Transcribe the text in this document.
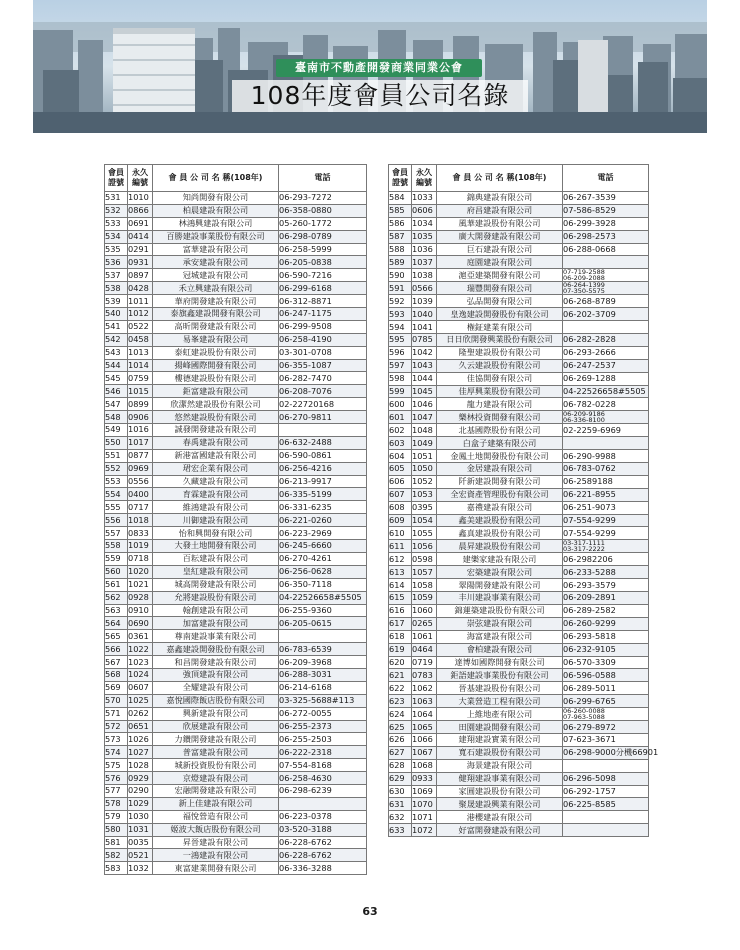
臺南市不動產開發商業同業公會
108年度會員公司名錄
會員
證號	永久
編號	會 員 公 司 名 稱(108年)	電話
531	1010	知尚開發有限公司	06-293-7272
532	0866	柏晨建設有限公司	06-358-0880
533	0691	林鴻興建設有限公司	05-260-1772
534	0414	百勝建設事業股份有限公司	06-298-0789
535	0291	富華建設有限公司	06-258-5999
536	0931	承安建設有限公司	06-205-0838
537	0897	冠城建設有限公司	06-590-7216
538	0428	禾立興建設有限公司	06-299-6168
539	1011	華府開發建設有限公司	06-312-8871
540	1012	泰旗鑫建設開發有限公司	06-247-1175
541	0522	高昕開發建設有限公司	06-299-9508
542	0458	易峯建設有限公司	06-258-4190
543	1013	泰虹建設股份有限公司	03-301-0708
544	1014	揚峰國際開發有限公司	06-355-1087
545	0759	樓德建設股份有限公司	06-282-7470
546	1015	鉅富建設有限公司	06-208-7076
547	0899	欣潔然建設股份有限公司	02-22720168
548	0906	悠然建設股份有限公司	06-270-9811
549	1016	誠發開發建設有限公司	
550	1017	春禹建設有限公司	06-632-2488
551	0877	新港富國建設有限公司	06-590-0861
552	0969	珺宏企業有限公司	06-256-4216
553	0556	久藏建設有限公司	06-213-9917
554	0400	育霖建設有限公司	06-335-5199
555	0717	維鴻建設有限公司	06-331-6235
556	1018	川御建設有限公司	06-221-0260
557	0833	怡和興開發有限公司	06-223-2969
558	1019	大發土地開發有限公司	06-245-6660
559	0718	百耘建設有限公司	06-270-4261
560	1020	皇紅建設有限公司	06-256-0628
561	1021	城高開發建設有限公司	06-350-7118
562	0928	允將建設股份有限公司	04-22526658#5505
563	0910	翰創建設有限公司	06-255-9360
564	0690	加富建設有限公司	06-205-0615
565	0361	尊南建設事業有限公司	
566	1022	嘉鑫建設開發股份有限公司	06-783-6539
567	1023	和昌開發建設有限公司	06-209-3968
568	1024	強頂建設有限公司	06-288-3031
569	0607	全耀建設有限公司	06-214-6168
570	1025	嘉悅國際飯店股份有限公司	03-325-5688#113
571	0262	興新建設有限公司	06-272-0055
572	0651	欣展建設有限公司	06-255-2373
573	1026	力鑽開發建設有限公司	06-255-2503
574	1027	普富建設有限公司	06-222-2318
575	1028	城新投資股份有限公司	07-554-8168
576	0929	京燈建設有限公司	06-258-4630
577	0290	宏融開發建設有限公司	06-298-6239
578	1029	新上佳建設有限公司	
579	1030	福悅營造有限公司	06-223-0378
580	1031	姬波大飯店股份有限公司	03-520-3188
581	0035	昇晉建設有限公司	06-228-6762
582	0521	一鴻建設有限公司	06-228-6762
583	1032	東富建業開發有限公司	06-336-3288
會員
證號	永久
編號	會 員 公 司 名 稱(108年)	電話
584	1033	錦典建設有限公司	06-267-3539
585	0606	府昌建設有限公司	07-586-8529
586	1034	風華建設股份有限公司	06-299-3928
587	1035	廣大開發建設有限公司	06-298-2573
588	1036	巨石建設有限公司	06-288-0668
589	1037	庭園建設有限公司	
590	1038	滬亞建築開發有限公司	07-719-2588
06-209-2088

591	0566	瑞豐開發有限公司	06-264-1399
07-350-5575

592	1039	弘品開發有限公司	06-268-8789
593	1040	皇逸建設開發股份有限公司	06-202-3709
594	1041	権鉦建業有限公司	
595	0785	日日欣開發興業股份有限公司	06-282-2828
596	1042	隆聖建設股份有限公司	06-293-2666
597	1043	久云建設股份有限公司	06-247-2537
598	1044	佳協開發有限公司	06-269-1288
599	1045	佳厚興業股份有限公司	04-22526658#5505
600	1046	龍力建設有限公司	06-782-0228
601	1047	樂林投資開發有限公司	06-209-9186
06-336-8100

602	1048	北基國際股份有限公司	02-2259-6969
603	1049	白盒子建築有限公司	
604	1051	金鳳土地開發股份有限公司	06-290-9988
605	1050	金居建設有限公司	06-783-0762
606	1052	阡新建設開發有限公司	06-2589188
607	1053	全宏資產管理股份有限公司	06-221-8955
608	0395	嘉禮建設有限公司	06-251-9073
609	1054	鑫美建設股份有限公司	07-554-9299
610	1055	鑫真建設股份有限公司	07-554-9299
611	1056	晨昇建設股份有限公司	03-317-1111
03-317-2222

612	0598	建樂家建設有限公司	06-2982206
613	1057	宏築建設有限公司	06-233-5288
614	1058	翠陽開發建設有限公司	06-293-3579
615	1059	丰川建設事業有限公司	06-209-2891
616	1060	錦蓮築建設股份有限公司	06-289-2582
617	0265	崇弦建設有限公司	06-260-9299
618	1061	海富建設有限公司	06-293-5818
619	0464	會柏建設有限公司	06-232-9105
620	0719	達博如國際開發有限公司	06-570-3309
621	0783	鉅語建設事業股份有限公司	06-596-0588
622	1062	晉基建設股份有限公司	06-289-5011
623	1063	大業營造工程有限公司	06-299-6765
624	1064	上維地產有限公司	06-260-0088
07-963-5088

625	1065	田園建設開發有限公司	06-279-8972
626	1066	建翔建設實業有限公司	07-623-3671
627	1067	寬石建設股份有限公司	06-298-9000分機66901
628	1068	海景建設有限公司	
629	0933	健翔建設事業有限公司	06-296-5098
630	1069	家圓建設股份有限公司	06-292-1757
631	1070	聚晟建設興業有限公司	06-225-8585
632	1071	港櫻建設有限公司	
633	1072	好富開發建設有限公司	
63
